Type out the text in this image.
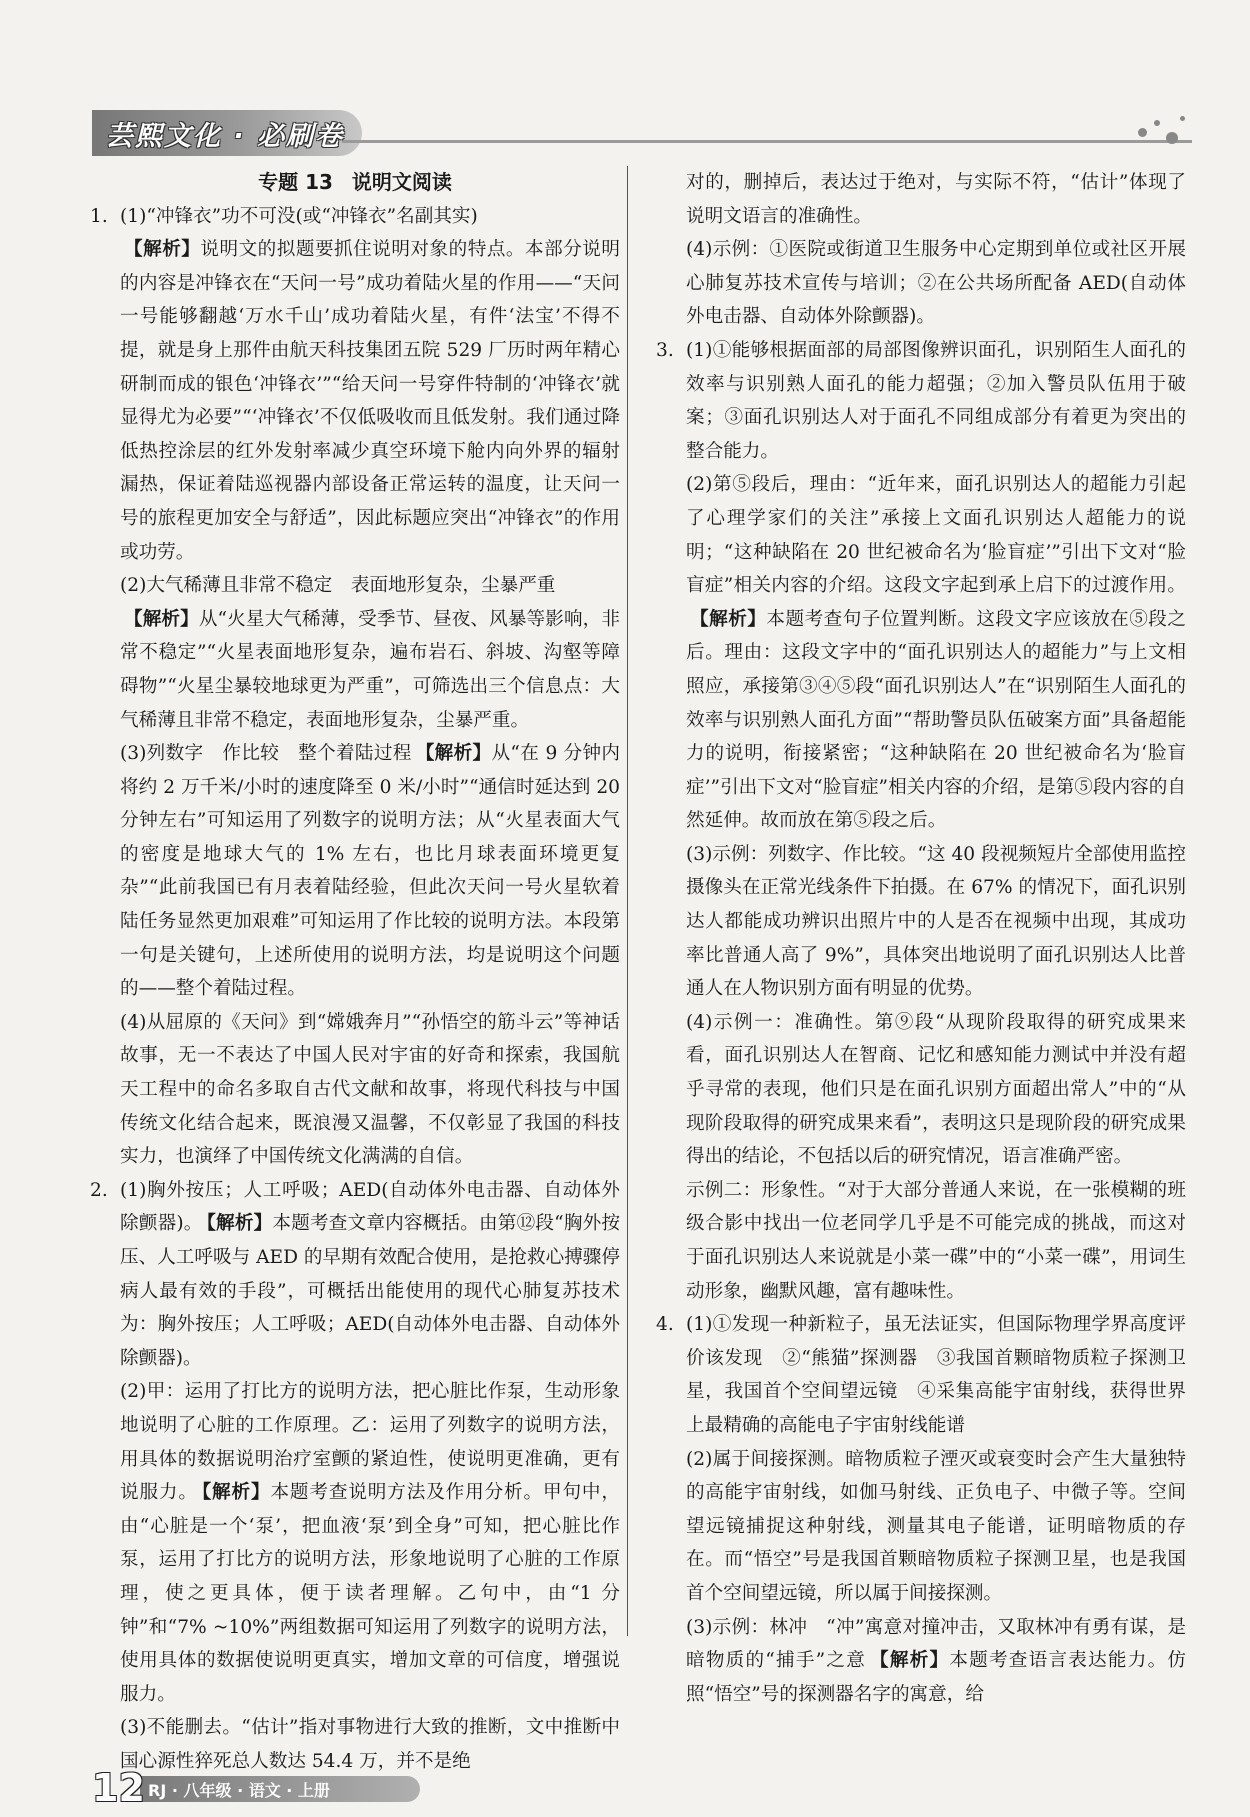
芸熙文化 · 必刷卷
专题 13 说明文阅读
1. (1)“冲锋衣”功不可没(或“冲锋衣”名副其实)
【解析】说明文的拟题要抓住说明对象的特点。本部分说明的内容是冲锋衣在“天问一号”成功着陆火星的作用——“天问一号能够翻越‘万水千山’成功着陆火星，有件‘法宝’不得不提，就是身上那件由航天科技集团五院 529 厂历时两年精心研制而成的银色‘冲锋衣’”“给天问一号穿件特制的‘冲锋衣’就显得尤为必要”“‘冲锋衣’不仅低吸收而且低发射。我们通过降低热控涂层的红外发射率减少真空环境下舱内向外界的辐射漏热，保证着陆巡视器内部设备正常运转的温度，让天问一号的旅程更加安全与舒适”，因此标题应突出“冲锋衣”的作用或功劳。
(2)大气稀薄且非常不稳定　表面地形复杂，尘暴严重
【解析】从“火星大气稀薄，受季节、昼夜、风暴等影响，非常不稳定”“火星表面地形复杂，遍布岩石、斜坡、沟壑等障碍物”“火星尘暴较地球更为严重”，可筛选出三个信息点：大气稀薄且非常不稳定，表面地形复杂，尘暴严重。
(3)列数字　作比较　整个着陆过程 【解析】从“在 9 分钟内将约 2 万千米/小时的速度降至 0 米/小时”“通信时延达到 20 分钟左右”可知运用了列数字的说明方法；从“火星表面大气的密度是地球大气的 1% 左右，也比月球表面环境更复杂”“此前我国已有月表着陆经验，但此次天问一号火星软着陆任务显然更加艰难”可知运用了作比较的说明方法。本段第一句是关键句，上述所使用的说明方法，均是说明这个问题的——整个着陆过程。
(4)从屈原的《天问》到“嫦娥奔月”“孙悟空的筋斗云”等神话故事，无一不表达了中国人民对宇宙的好奇和探索，我国航天工程中的命名多取自古代文献和故事，将现代科技与中国传统文化结合起来，既浪漫又温馨，不仅彰显了我国的科技实力，也演绎了中国传统文化满满的自信。
2. (1)胸外按压；人工呼吸；AED(自动体外电击器、自动体外除颤器)。 【解析】本题考查文章内容概括。由第⑫段“胸外按压、人工呼吸与 AED 的早期有效配合使用，是抢救心搏骤停病人最有效的手段”，可概括出能使用的现代心肺复苏技术为：胸外按压；人工呼吸；AED(自动体外电击器、自动体外除颤器)。
(2)甲：运用了打比方的说明方法，把心脏比作泵，生动形象地说明了心脏的工作原理。乙：运用了列数字的说明方法，用具体的数据说明治疗室颤的紧迫性，使说明更准确，更有说服力。 【解析】本题考查说明方法及作用分析。甲句中，由“心脏是一个‘泵’，把血液‘泵’到全身”可知，把心脏比作泵，运用了打比方的说明方法，形象地说明了心脏的工作原理，使之更具体，便于读者理解。乙句中，由“1 分钟”和“7% ~10%”两组数据可知运用了列数字的说明方法，使用具体的数据使说明更真实，增加文章的可信度，增强说服力。
(3)不能删去。“估计”指对事物进行大致的推断，文中推断中国心源性猝死总人数达 54.4 万，并不是绝
对的，删掉后，表达过于绝对，与实际不符，“估计”体现了说明文语言的准确性。
(4)示例：①医院或街道卫生服务中心定期到单位或社区开展心肺复苏技术宣传与培训；②在公共场所配备 AED(自动体外电击器、自动体外除颤器)。
3. (1)①能够根据面部的局部图像辨识面孔，识别陌生人面孔的效率与识别熟人面孔的能力超强；②加入警员队伍用于破案；③面孔识别达人对于面孔不同组成部分有着更为突出的整合能力。
(2)第⑤段后，理由：“近年来，面孔识别达人的超能力引起了心理学家们的关注”承接上文面孔识别达人超能力的说明；“这种缺陷在 20 世纪被命名为‘脸盲症’”引出下文对“脸盲症”相关内容的介绍。这段文字起到承上启下的过渡作用。【解析】本题考查句子位置判断。这段文字应该放在⑤段之后。理由：这段文字中的“面孔识别达人的超能力”与上文相照应，承接第③④⑤段“面孔识别达人”在“识别陌生人面孔的效率与识别熟人面孔方面”“帮助警员队伍破案方面”具备超能力的说明，衔接紧密；“这种缺陷在 20 世纪被命名为‘脸盲症’”引出下文对“脸盲症”相关内容的介绍，是第⑤段内容的自然延伸。故而放在第⑤段之后。
(3)示例：列数字、作比较。“这 40 段视频短片全部使用监控摄像头在正常光线条件下拍摄。在 67% 的情况下，面孔识别达人都能成功辨识出照片中的人是否在视频中出现，其成功率比普通人高了 9%”，具体突出地说明了面孔识别达人比普通人在人物识别方面有明显的优势。
(4)示例一：准确性。第⑨段“从现阶段取得的研究成果来看，面孔识别达人在智商、记忆和感知能力测试中并没有超乎寻常的表现，他们只是在面孔识别方面超出常人”中的“从现阶段取得的研究成果来看”，表明这只是现阶段的研究成果得出的结论，不包括以后的研究情况，语言准确严密。
示例二：形象性。“对于大部分普通人来说，在一张模糊的班级合影中找出一位老同学几乎是不可能完成的挑战，而这对于面孔识别达人来说就是小菜一碟”中的“小菜一碟”，用词生动形象，幽默风趣，富有趣味性。
4. (1)①发现一种新粒子，虽无法证实，但国际物理学界高度评价该发现　②“熊猫”探测器　③我国首颗暗物质粒子探测卫星，我国首个空间望远镜　④采集高能宇宙射线，获得世界上最精确的高能电子宇宙射线能谱
(2)属于间接探测。暗物质粒子湮灭或衰变时会产生大量独特的高能宇宙射线，如伽马射线、正负电子、中微子等。空间望远镜捕捉这种射线，测量其电子能谱，证明暗物质的存在。而“悟空”号是我国首颗暗物质粒子探测卫星，也是我国首个空间望远镜，所以属于间接探测。
(3)示例：林冲　“冲”寓意对撞冲击，又取林冲有勇有谋，是暗物质的“捕手”之意 【解析】本题考查语言表达能力。仿照“悟空”号的探测器名字的寓意，给
12 RJ · 八年级 · 语文 · 上册
